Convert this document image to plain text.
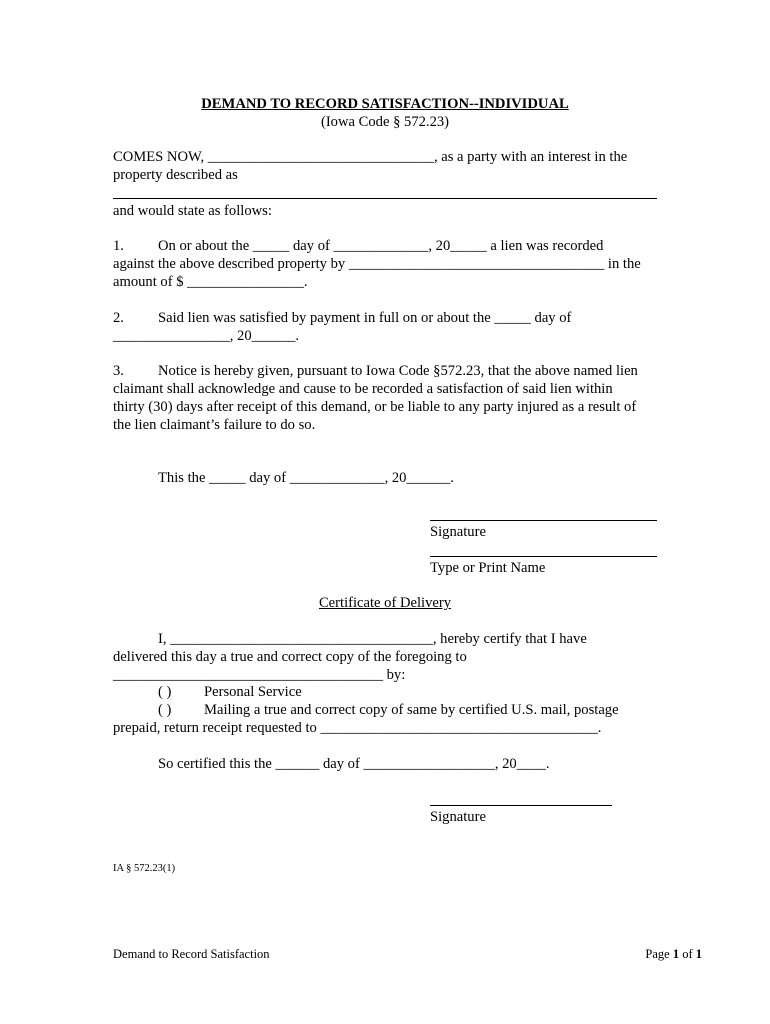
DEMAND TO RECORD SATISFACTION--INDIVIDUAL
(Iowa Code § 572.23)
COMES NOW, _______________________________, as a party with an interest in the
property described as
and would state as follows:
1. On or about the _____ day of _____________, 20_____ a lien was recorded
against the above described property by ___________________________________ in the
amount of $ ________________.
2. Said lien was satisfied by payment in full on or about the _____ day of
________________, 20______.
3. Notice is hereby given, pursuant to Iowa Code §572.23, that the above named lien
claimant shall acknowledge and cause to be recorded a satisfaction of said lien within
thirty (30) days after receipt of this demand, or be liable to any party injured as a result of
the lien claimant’s failure to do so.
This the _____ day of _____________, 20______.
Signature
Type or Print Name
Certificate of Delivery
I, ____________________________________, hereby certify that I have
delivered this day a true and correct copy of the foregoing to
_____________________________________ by:
( ) Personal Service
( ) Mailing a true and correct copy of same by certified U.S. mail, postage
prepaid, return receipt requested to ______________________________________.
So certified this the ______ day of __________________, 20____.
Signature
IA § 572.23(1)
Demand to Record Satisfaction	Page 1 of 1
